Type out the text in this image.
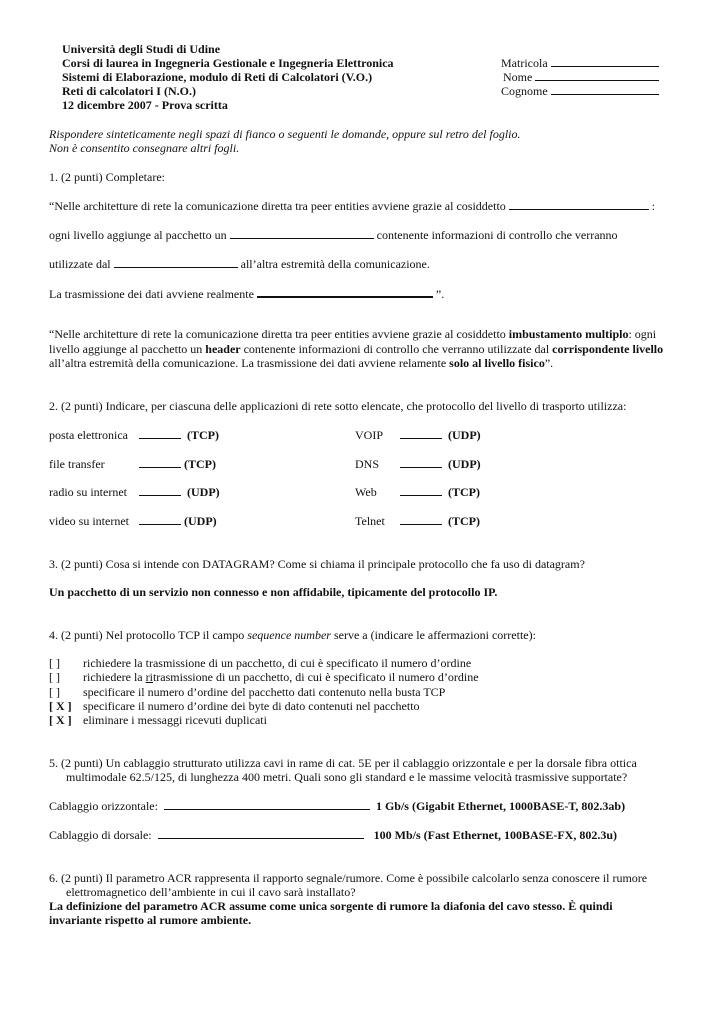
Università degli Studi di Udine
Corsi di laurea in Ingegneria Gestionale e Ingegneria Elettronica
Sistemi di Elaborazione, modulo di Reti di Calcolatori (V.O.)
Reti di calcolatori I (N.O.)
12 dicembre 2007 - Prova scritta
Matricola
Nome
Cognome
Rispondere sinteticamente negli spazi di fianco o seguenti le domande, oppure sul retro del foglio.
Non è consentito consegnare altri fogli.
1. (2 punti) Completare:
“Nelle architetture di rete la comunicazione diretta tra peer entities avviene grazie al cosiddetto	:
ogni livello aggiunge al pacchetto un	contenente informazioni di controllo che verranno
utilizzate dal	all’altra estremità della comunicazione.
La trasmissione dei dati avviene realmente	”.
“Nelle architetture di rete la comunicazione diretta tra peer entities avviene grazie al cosiddetto imbustamento multiplo: ogni livello aggiunge al pacchetto un header contenente informazioni di controllo che verranno utilizzate dal corrispondente livello all’altra estremità della comunicazione. La trasmissione dei dati avviene relamente solo al livello fisico”.
2. (2 punti) Indicare, per ciascuna delle applicazioni di rete sotto elencate, che protocollo del livello di trasporto utilizza:
posta elettronica	(TCP)
file transfer	(TCP)
radio su internet	(UDP)
video su internet	(UDP)
VOIP	(UDP)
DNS	(UDP)
Web	(TCP)
Telnet	(TCP)
3. (2 punti) Cosa si intende con DATAGRAM? Come si chiama il principale protocollo che fa uso di datagram?
Un pacchetto di un servizio non connesso e non affidabile, tipicamente del protocollo IP.
4. (2 punti) Nel protocollo TCP il campo sequence number serve a (indicare le affermazioni corrette):
[ ] richiedere la trasmissione di un pacchetto, di cui è specificato il numero d’ordine
[ ] richiedere la ritrasmissione di un pacchetto, di cui è specificato il numero d’ordine
[ ] specificare il numero d’ordine del pacchetto dati contenuto nella busta TCP
[ X ] specificare il numero d’ordine dei byte di dato contenuti nel pacchetto
[ X ] eliminare i messaggi ricevuti duplicati
5. (2 punti) Un cablaggio strutturato utilizza cavi in rame di cat. 5E per il cablaggio orizzontale e per la dorsale fibra ottica
multimodale 62.5/125, di lunghezza 400 metri. Quali sono gli standard e le massime velocità trasmissive supportate?
Cablaggio orizzontale:	1 Gb/s (Gigabit Ethernet, 1000BASE-T, 802.3ab)
Cablaggio di dorsale:	100 Mb/s (Fast Ethernet, 100BASE-FX, 802.3u)
6. (2 punti) Il parametro ACR rappresenta il rapporto segnale/rumore. Come è possibile calcolarlo senza conoscere il rumore
elettromagnetico dell’ambiente in cui il cavo sarà installato?
La definizione del parametro ACR assume come unica sorgente di rumore la diafonia del cavo stesso. È quindi
invariante rispetto al rumore ambiente.
